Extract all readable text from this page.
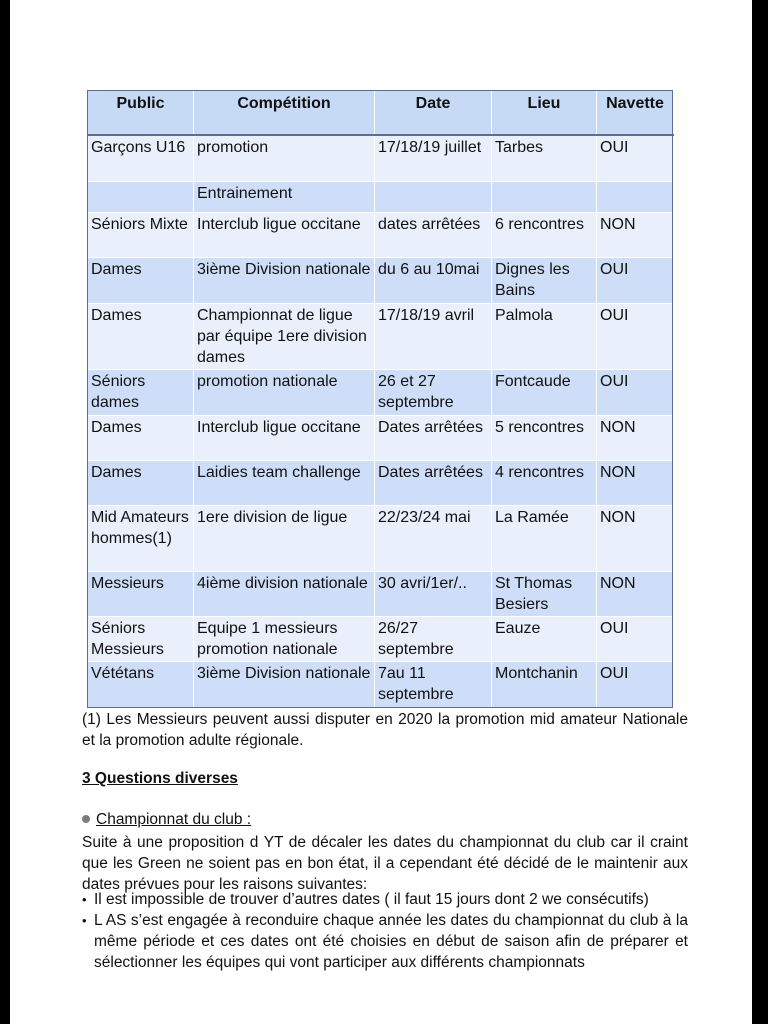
Public	Compétition	Date	Lieu	Navette
Garçons U16	promotion	17/18/19 juillet	Tarbes	OUI
	Entrainement			
Séniors Mixte	Interclub ligue occitane	dates arrêtées	6 rencontres	NON
Dames	3ième Division nationale	du 6 au 10mai	Dignes les Bains	OUI
Dames	Championnat de ligue par équipe 1ere division dames	17/18/19 avril	Palmola	OUI
Séniors dames	promotion nationale	26 et 27 septembre	Fontcaude	OUI
Dames	Interclub ligue occitane	Dates arrêtées	5 rencontres	NON
Dames	Laidies team challenge	Dates arrêtées	4 rencontres	NON
Mid Amateurs hommes(1)	1ere division de ligue	22/23/24 mai	La Ramée	NON
Messieurs	4ième division nationale	30 avri/1er/..	St Thomas Besiers	NON
Séniors Messieurs	Equipe 1 messieurs promotion nationale	26/27 septembre	Eauze	OUI
Vététans	3ième Division nationale	7au 11 septembre	Montchanin	OUI
(1) Les Messieurs peuvent aussi disputer en 2020 la promotion mid amateur Nationale et la promotion adulte régionale.
3 Questions diverses
Championnat du club :
Suite à une proposition d YT de décaler les dates du championnat du club car il craint que les Green ne soient pas en bon état, il a cependant été décidé de le maintenir aux dates prévues pour les raisons suivantes:
• Il est impossible de trouver d’autres dates ( il faut 15 jours dont 2 we consécutifs)
• L AS s’est engagée à reconduire chaque année les dates du championnat du club à la même période et ces dates ont été choisies en début de saison afin de préparer et sélectionner les équipes qui vont participer aux différents championnats
